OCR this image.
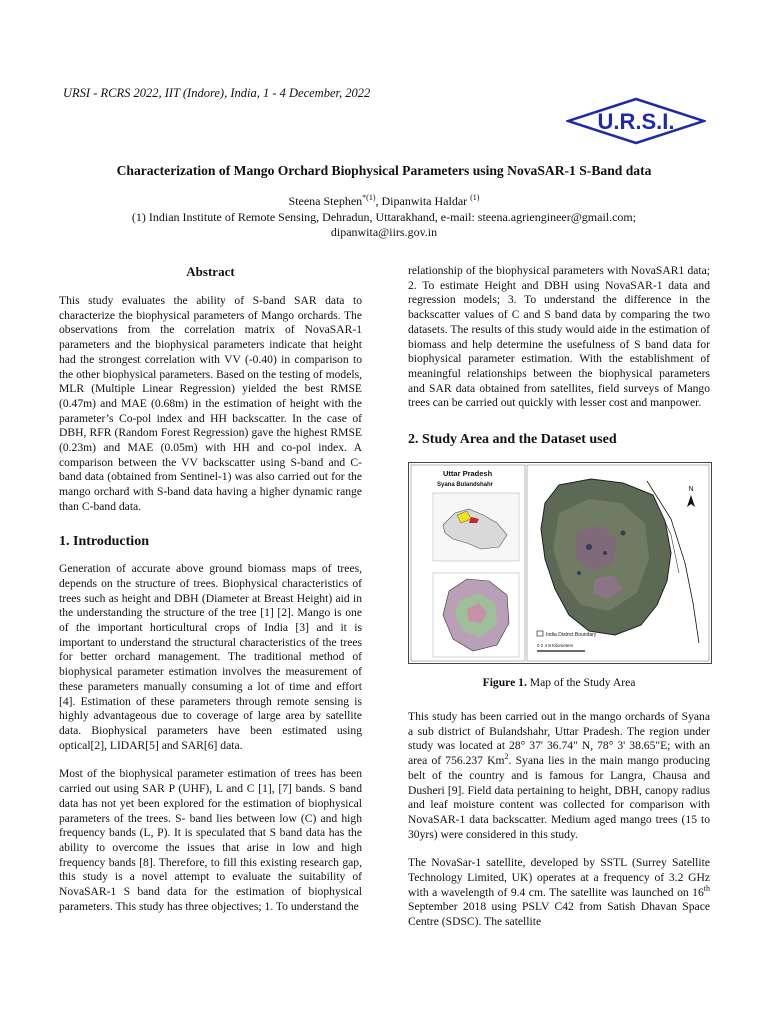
URSI - RCRS 2022, IIT (Indore), India, 1 - 4 December, 2022
U.R.S.I.
Characterization of Mango Orchard Biophysical Parameters using NovaSAR-1 S-Band data
Steena Stephen$^{*(1)}$, Dipanwita Haldar $^{(1)}$
(1) Indian Institute of Remote Sensing, Dehradun, Uttarakhand, e-mail: steena.agriengineer@gmail.com;
dipanwita@iirs.gov.in
Abstract

This study evaluates the ability of S-band SAR data to characterize the biophysical parameters of Mango orchards. The observations from the correlation matrix of NovaSAR-1 parameters and the biophysical parameters indicate that height had the strongest correlation with VV (-0.40) in comparison to the other biophysical parameters. Based on the testing of models, MLR (Multiple Linear Regression) yielded the best RMSE (0.47m) and MAE (0.68m) in the estimation of height with the parameter’s Co-pol index and HH backscatter. In the case of DBH, RFR (Random Forest Regression) gave the highest RMSE (0.23m) and MAE (0.05m) with HH and co-pol index. A comparison between the VV backscatter using S-band and C-band data (obtained from Sentinel-1) was also carried out for the mango orchard with S-band data having a higher dynamic range than C-band data.

1. Introduction

Generation of accurate above ground biomass maps of trees, depends on the structure of trees. Biophysical characteristics of trees such as height and DBH (Diameter at Breast Height) aid in the understanding the structure of the tree [1] [2]. Mango is one of the important horticultural crops of India [3] and it is important to understand the structural characteristics of the trees for better orchard management. The traditional method of biophysical parameter estimation involves the measurement of these parameters manually consuming a lot of time and effort [4]. Estimation of these parameters through remote sensing is highly advantageous due to coverage of large area by satellite data. Biophysical parameters have been estimated using optical[2], LIDAR[5] and SAR[6] data.

Most of the biophysical parameter estimation of trees has been carried out using SAR P (UHF), L and C [1], [7] bands. S band data has not yet been explored for the estimation of biophysical parameters of the trees. S- band lies between low (C) and high frequency bands (L, P). It is speculated that S band data has the ability to overcome the issues that arise in low and high frequency bands [8]. Therefore, to fill this existing research gap, this study is a novel attempt to evaluate the suitability of NovaSAR-1 S band data for the estimation of biophysical parameters. This study has three objectives; 1. To understand the

relationship of the biophysical parameters with NovaSAR1 data; 2. To estimate Height and DBH using NovaSAR-1 data and regression models; 3. To understand the difference in the backscatter values of C and S band data by comparing the two datasets. The results of this study would aide in the estimation of biomass and help determine the usefulness of S band data for biophysical parameter estimation. With the establishment of meaningful relationships between the biophysical parameters and SAR data obtained from satellites, field surveys of Mango trees can be carried out quickly with lesser cost and manpower.

2. Study Area and the Dataset used
Uttar Pradesh
Syana Bulandshahr
N
India District Boundary
0 2 4 8 Kilometers
Figure 1. Map of the Study Area

This study has been carried out in the mango orchards of Syana a sub district of Bulandshahr, Uttar Pradesh. The region under study was located at 28° 37' 36.74" N, 78° 3' 38.65"E; with an area of 756.237 Km$^2$. Syana lies in the main mango producing belt of the country and is famous for Langra, Chausa and Dusheri [9]. Field data pertaining to height, DBH, canopy radius and leaf moisture content was collected for comparison with NovaSAR-1 data backscatter. Medium aged mango trees (15 to 30yrs) were considered in this study.

The NovaSar-1 satellite, developed by SSTL (Surrey Satellite Technology Limited, UK) operates at a frequency of 3.2 GHz with a wavelength of 9.4 cm. The satellite was launched on 16th September 2018 using PSLV C42 from Satish Dhavan Space Centre (SDSC). The satellite
